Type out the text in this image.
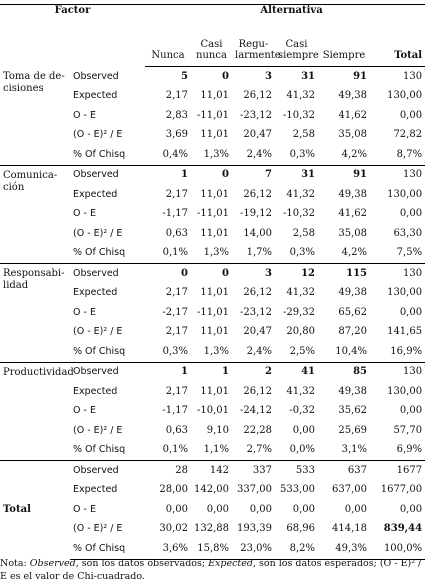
Factor		Alternativa					
		Nunca	Casi nunca	Regu- larmente	Casi siempre	Siempre	Total
Toma de de- cisiones	Observed	5	0	3	31	91	130
	Expected	2,17	11,01	26,12	41,32	49,38	130,00
	O - E	2,83	-11,01	-23,12	-10,32	41,62	0,00
	(O - E)² / E	3,69	11,01	20,47	2,58	35,08	72,82
	% Of Chisq	0,4%	1,3%	2,4%	0,3%	4,2%	8,7%
Comunica- ción	Observed	1	0	7	31	91	130
	Expected	2,17	11,01	26,12	41,32	49,38	130,00
	O - E	-1,17	-11,01	-19,12	-10,32	41,62	0,00
	(O - E)² / E	0,63	11,01	14,00	2,58	35,08	63,30
	% Of Chisq	0,1%	1,3%	1,7%	0,3%	4,2%	7,5%
Responsabi- lidad	Observed	0	0	3	12	115	130
	Expected	2,17	11,01	26,12	41,32	49,38	130,00
	O - E	-2,17	-11,01	-23,12	-29,32	65,62	0,00
	(O - E)² / E	2,17	11,01	20,47	20,80	87,20	141,65
	% Of Chisq	0,3%	1,3%	2,4%	2,5%	10,4%	16,9%
Productividad	Observed	1	1	2	41	85	130
	Expected	2,17	11,01	26,12	41,32	49,38	130,00
	O - E	-1,17	-10,01	-24,12	-0,32	35,62	0,00
	(O - E)² / E	0,63	9,10	22,28	0,00	25,69	57,70
	% Of Chisq	0,1%	1,1%	2,7%	0,0%	3,1%	6,9%
Total	Observed	28	142	337	533	637	1677
	Expected	28,00	142,00	337,00	533,00	637,00	1677,00
	O - E	0,00	0,00	0,00	0,00	0,00	0,00
	(O - E)² / E	30,02	132,88	193,39	68,96	414,18	839,44
	% Of Chisq	3,6%	15,8%	23,0%	8,2%	49,3%	100,0%
Nota: Observed, son los datos observados; Expected, son los datos esperados; (O - E)² / E es el valor de Chi-cuadrado.
